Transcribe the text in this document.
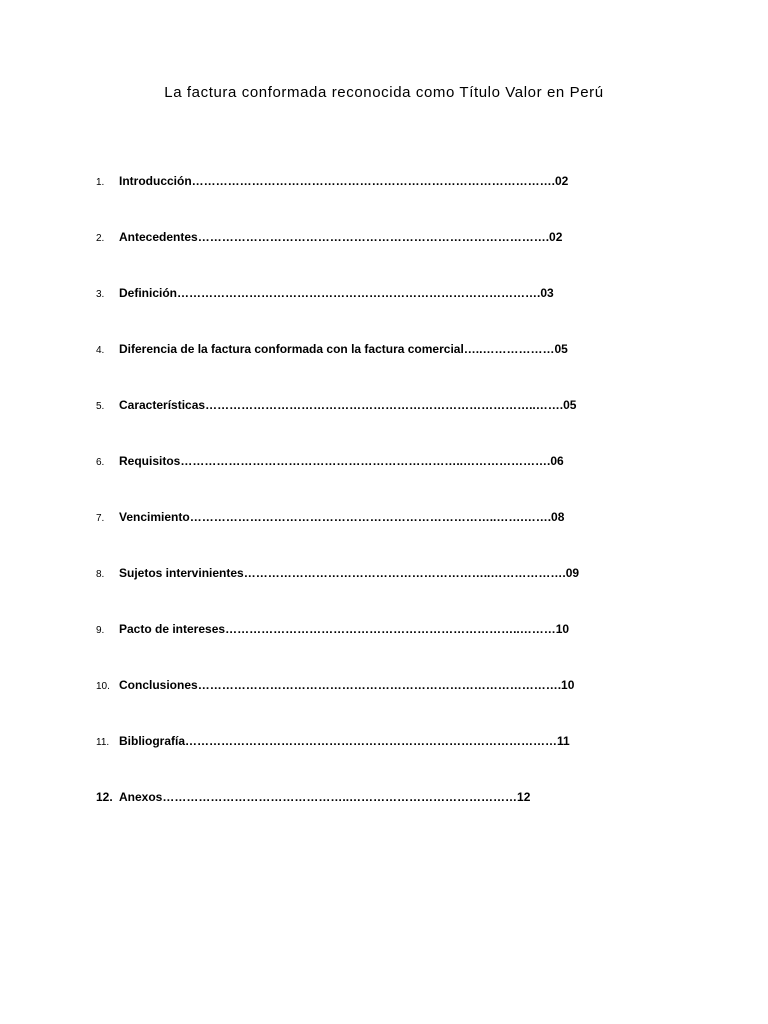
La factura conformada reconocida como Título Valor en Perú
1. Introducción……………………………………………………………………………….02
2. Antecedentes…………………………………………………………………………….02
3. Definición……………………………………………………………………………….03
4. Diferencia de la factura conformada con la factura comercial…..………………05
5. Características………………………………………………………………………..…….05
6. Requisitos……………………………………………………………..………………….06
7. Vencimiento…………………………………………………………………..…….…….08
8. Sujetos intervinientes……………………………………………………..……………….09
9. Pacto de intereses………………………………………………………………..………10
10. Conclusiones……………………………………………………………………………….10
11. Bibliografía…………………………………………………………………………………11
12. Anexos………………………………………..……………………………………12
